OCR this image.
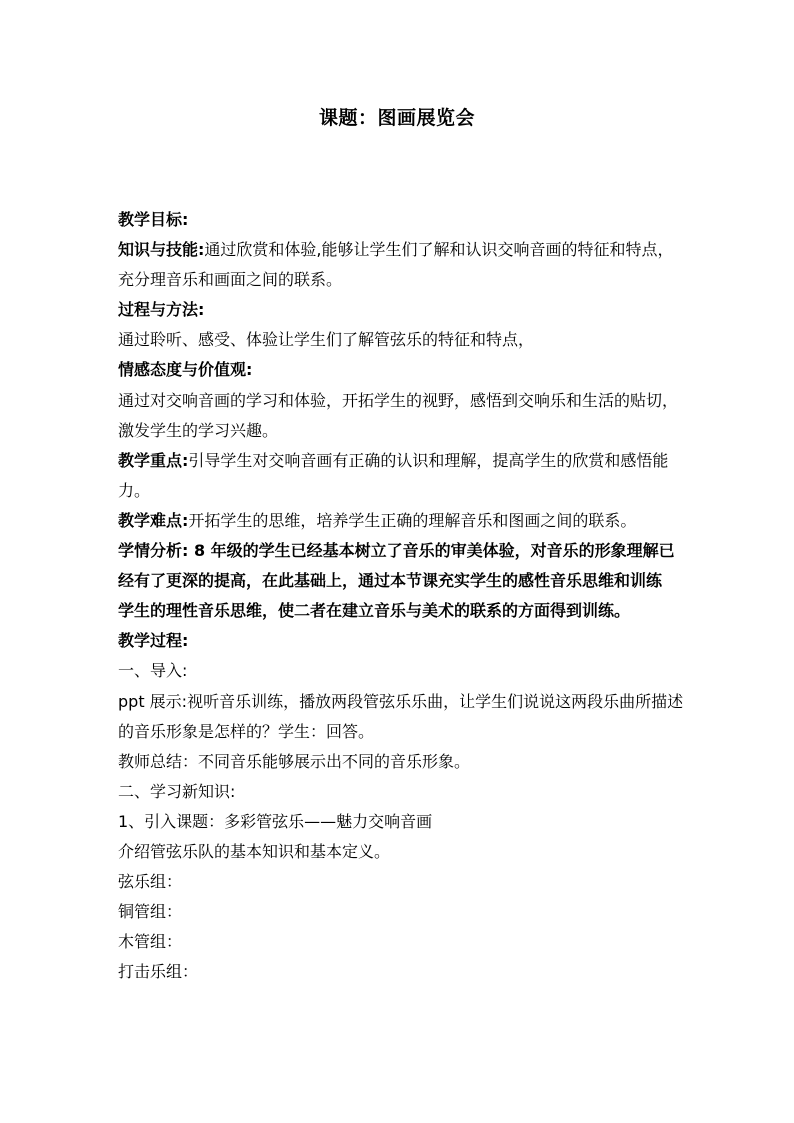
课题：图画展览会
教学目标:
知识与技能:通过欣赏和体验,能够让学生们了解和认识交响音画的特征和特点，
充分理音乐和画面之间的联系。
过程与方法:
通过聆听、感受、体验让学生们了解管弦乐的特征和特点，
情感态度与价值观:
通过对交响音画的学习和体验，开拓学生的视野，感悟到交响乐和生活的贴切，
激发学生的学习兴趣。
教学重点:引导学生对交响音画有正确的认识和理解，提高学生的欣赏和感悟能
力。
教学难点:开拓学生的思维，培养学生正确的理解音乐和图画之间的联系。
学情分析: 8 年级的学生已经基本树立了音乐的审美体验，对音乐的形象理解已
经有了更深的提高，在此基础上，通过本节课充实学生的感性音乐思维和训练
学生的理性音乐思维，使二者在建立音乐与美术的联系的方面得到训练。
教学过程:
一、导入:
ppt 展示:视听音乐训练，播放两段管弦乐乐曲，让学生们说说这两段乐曲所描述
的音乐形象是怎样的？学生：回答。
教师总结：不同音乐能够展示出不同的音乐形象。
二、学习新知识:
1、引入课题：多彩管弦乐——魅力交响音画
介绍管弦乐队的基本知识和基本定义。
弦乐组：
铜管组：
木管组：
打击乐组：
